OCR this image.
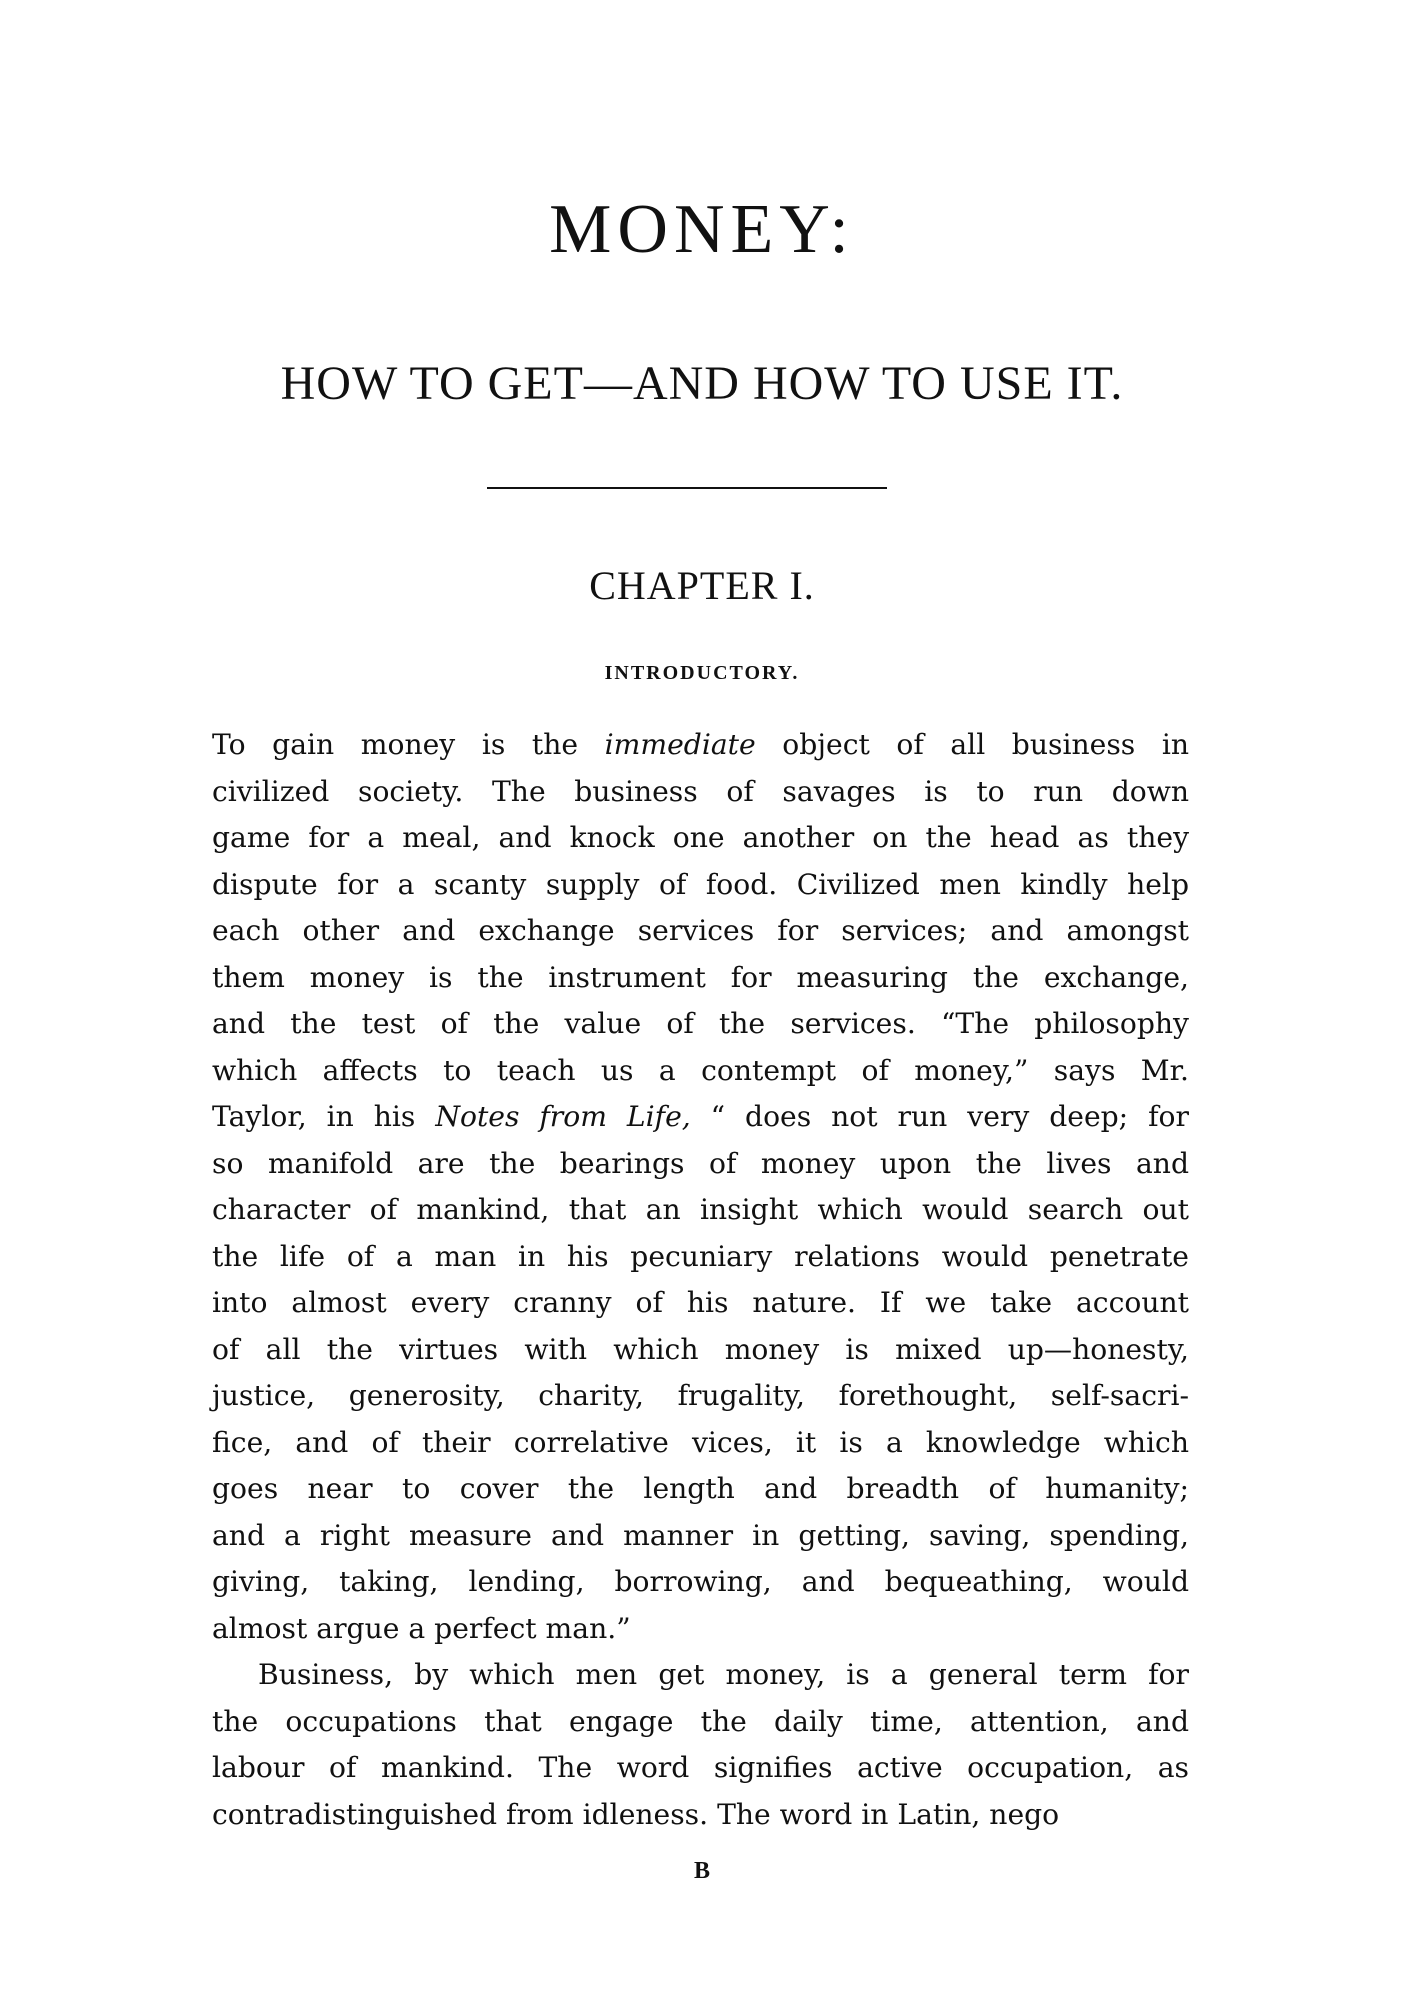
MONEY:
HOW TO GET—AND HOW TO USE IT.
CHAPTER I.
INTRODUCTORY.
To gain money is the immediate object of all business in
civilized society. The business of savages is to run down
game for a meal, and knock one another on the head as they
dispute for a scanty supply of food. Civilized men kindly help
each other and exchange services for services; and amongst
them money is the instrument for measuring the exchange,
and the test of the value of the services. “The philosophy
which affects to teach us a contempt of money,” says Mr.
Taylor, in his Notes from Life, “ does not run very deep; for
so manifold are the bearings of money upon the lives and
character of mankind, that an insight which would search out
the life of a man in his pecuniary relations would penetrate
into almost every cranny of his nature. If we take account
of all the virtues with which money is mixed up—honesty,
justice, generosity, charity, frugality, forethought, self-sacri-
fice, and of their correlative vices, it is a knowledge which
goes near to cover the length and breadth of humanity;
and a right measure and manner in getting, saving, spending,
giving, taking, lending, borrowing, and bequeathing, would
almost argue a perfect man.”
Business, by which men get money, is a general term for
the occupations that engage the daily time, attention, and
labour of mankind. The word signifies active occupation, as
contradistinguished from idleness. The word in Latin, nego
B
